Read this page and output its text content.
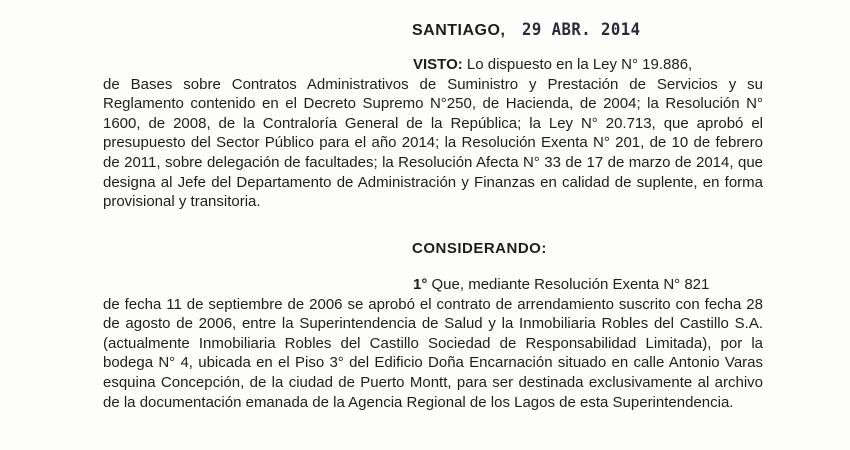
SANTIAGO, 29 ABR. 2014
VISTO: Lo dispuesto en la Ley N° 19.886,
de Bases sobre Contratos Administrativos de Suministro y Prestación de Servicios y su Reglamento contenido en el Decreto Supremo N°250, de Hacienda, de 2004; la Resolución N° 1600, de 2008, de la Contraloría General de la República; la Ley N° 20.713, que aprobó el presupuesto del Sector Público para el año 2014; la Resolución Exenta N° 201, de 10 de febrero de 2011, sobre delegación de facultades; la Resolución Afecta N° 33 de 17 de marzo de 2014, que designa al Jefe del Departamento de Administración y Finanzas en calidad de suplente, en forma provisional y transitoria.
CONSIDERANDO:
1° Que, mediante Resolución Exenta N° 821
de fecha 11 de septiembre de 2006 se aprobó el contrato de arrendamiento suscrito con fecha 28 de agosto de 2006, entre la Superintendencia de Salud y la Inmobiliaria Robles del Castillo S.A. (actualmente Inmobiliaria Robles del Castillo Sociedad de Responsabilidad Limitada), por la bodega N° 4, ubicada en el Piso 3° del Edificio Doña Encarnación situado en calle Antonio Varas esquina Concepción, de la ciudad de Puerto Montt, para ser destinada exclusivamente al archivo de la documentación emanada de la Agencia Regional de los Lagos de esta Superintendencia.
